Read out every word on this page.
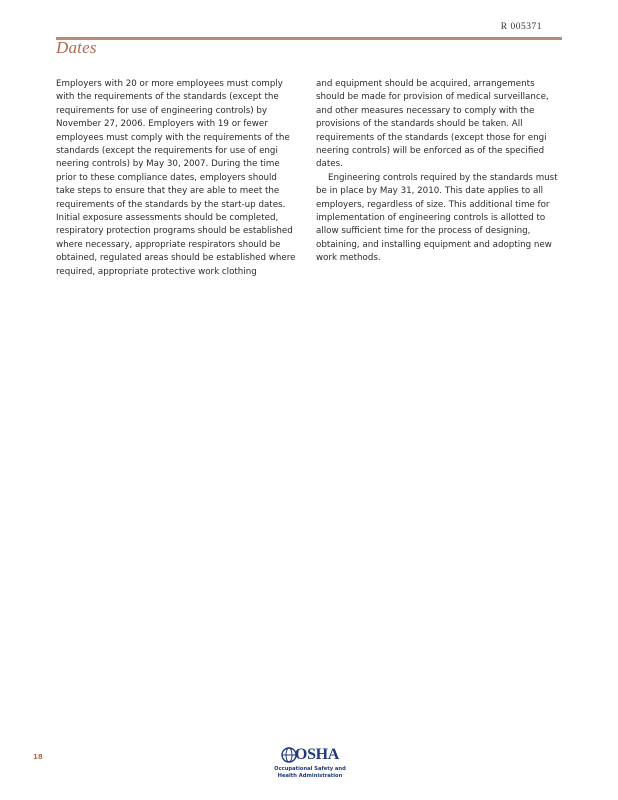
R 005371
Dates

Employers with 20 or more employees must comply with the requirements of the standards (except the requirements for use of engineering controls) by November 27, 2006. Employers with 19 or fewer employees must comply with the requirements of the standards (except the requirements for use of engi neering controls) by May 30, 2007. During the time prior to these compliance dates, employers should take steps to ensure that they are able to meet the requirements of the standards by the start-up dates. Initial exposure assessments should be completed, respiratory protection programs should be established where necessary, appropriate respirators should be obtained, regulated areas should be established where required, appropriate protective work clothing

and equipment should be acquired, arrangements should be made for provision of medical surveillance, and other measures necessary to comply with the provisions of the standards should be taken. All requirements of the standards (except those for engi neering controls) will be enforced as of the specified dates.

Engineering controls required by the standards must be in place by May 31, 2010. This date applies to all employers, regardless of size. This additional time for implementation of engineering controls is allotted to allow sufficient time for the process of designing, obtaining, and installing equipment and adopting new work methods.

18	OSHA
Occupational Safety and
Health Administration
